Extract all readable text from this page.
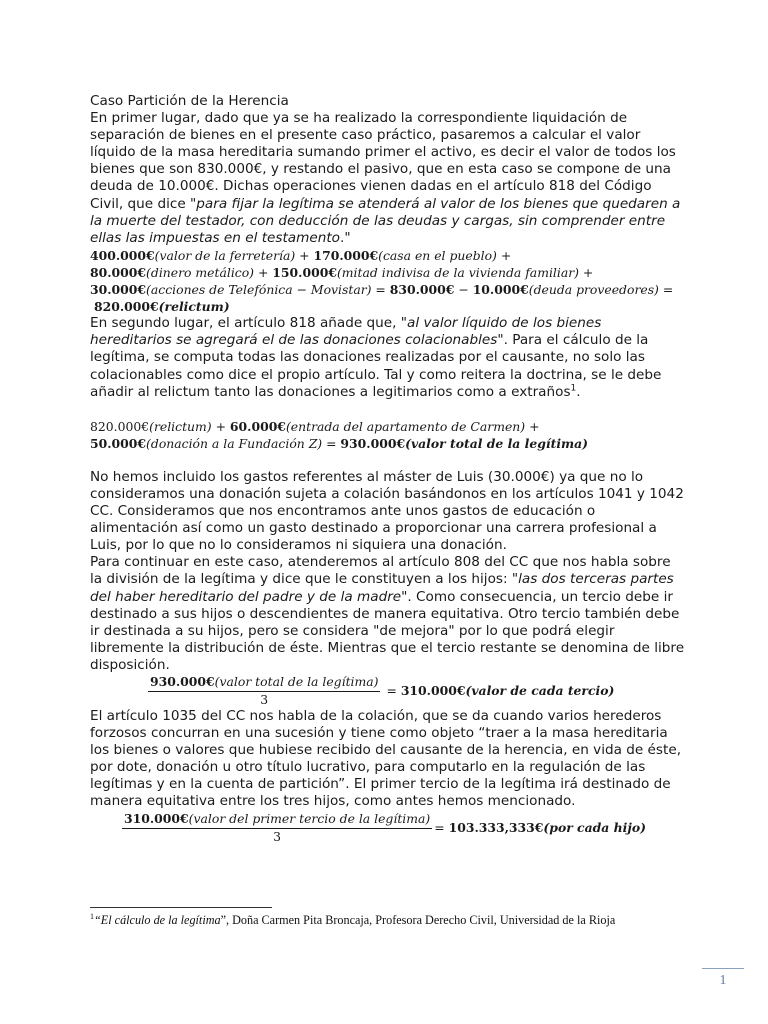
Caso Partición de la Herencia

En primer lugar, dado que ya se ha realizado la correspondiente liquidación de separación de bienes en el presente caso práctico, pasaremos a calcular el valor líquido de la masa hereditaria sumando primer el activo, es decir el valor de todos los bienes que son 830.000€, y restando el pasivo, que en esta caso se compone de una deuda de 10.000€. Dichas operaciones vienen dadas en el artículo 818 del Código Civil, que dice "para fijar la legítima se atenderá al valor de los bienes que quedaren a la muerte del testador, con deducción de las deudas y cargas, sin comprender entre ellas las impuestas en el testamento."

400.000€(valor de la ferretería) + 170.000€(casa en el pueblo) +
80.000€(dinero metálico) + 150.000€(mitad indivisa de la vivienda familiar) +
30.000€(acciones de Telefónica − Movistar) = 830.000€ − 10.000€(deuda proveedores) =
820.000€(relictum)

En segundo lugar, el artículo 818 añade que, "al valor líquido de los bienes hereditarios se agregará el de las donaciones colacionables". Para el cálculo de la legítima, se computa todas las donaciones realizadas por el causante, no solo las colacionables como dice el propio artículo. Tal y como reitera la doctrina, se le debe añadir al relictum tanto las donaciones a legitimarios como a extraños$^1$.

820.000€(relictum) + 60.000€(entrada del apartamento de Carmen) +
50.000€(donación a la Fundación Z) = 930.000€(valor total de la legítima)

No hemos incluido los gastos referentes al máster de Luis (30.000€) ya que no lo consideramos una donación sujeta a colación basándonos en los artículos 1041 y 1042 CC. Consideramos que nos encontramos ante unos gastos de educación o alimentación así como un gasto destinado a proporcionar una carrera profesional a Luis, por lo que no lo consideramos ni siquiera una donación.

Para continuar en este caso, atenderemos al artículo 808 del CC que nos habla sobre la división de la legítima y dice que le constituyen a los hijos: "las dos terceras partes del haber hereditario del padre y de la madre". Como consecuencia, un tercio debe ir destinado a sus hijos o descendientes de manera equitativa. Otro tercio también debe ir destinada a su hijos, pero se considera "de mejora" por lo que podrá elegir libremente la distribución de éste. Mientras que el tercio restante se denomina de libre disposición.

$\frac{\text{930.000€(valor total de la legítima)}}{3}$ = 310.000€(valor de cada tercio)

El artículo 1035 del CC nos habla de la colación, que se da cuando varios herederos forzosos concurran en una sucesión y tiene como objeto “traer a la masa hereditaria los bienes o valores que hubiese recibido del causante de la herencia, en vida de éste, por dote, donación u otro título lucrativo, para computarlo en la regulación de las legítimas y en la cuenta de partición”. El primer tercio de la legítima irá destinado de manera equitativa entre los tres hijos, como antes hemos mencionado.

$\frac{\text{310.000€(valor del primer tercio de la legítima)}}{3}$ = 103.333,333€(por cada hijo)
$^1$“El cálculo de la legítima”, Doña Carmen Pita Broncaja, Profesora Derecho Civil, Universidad de la Rioja
1
